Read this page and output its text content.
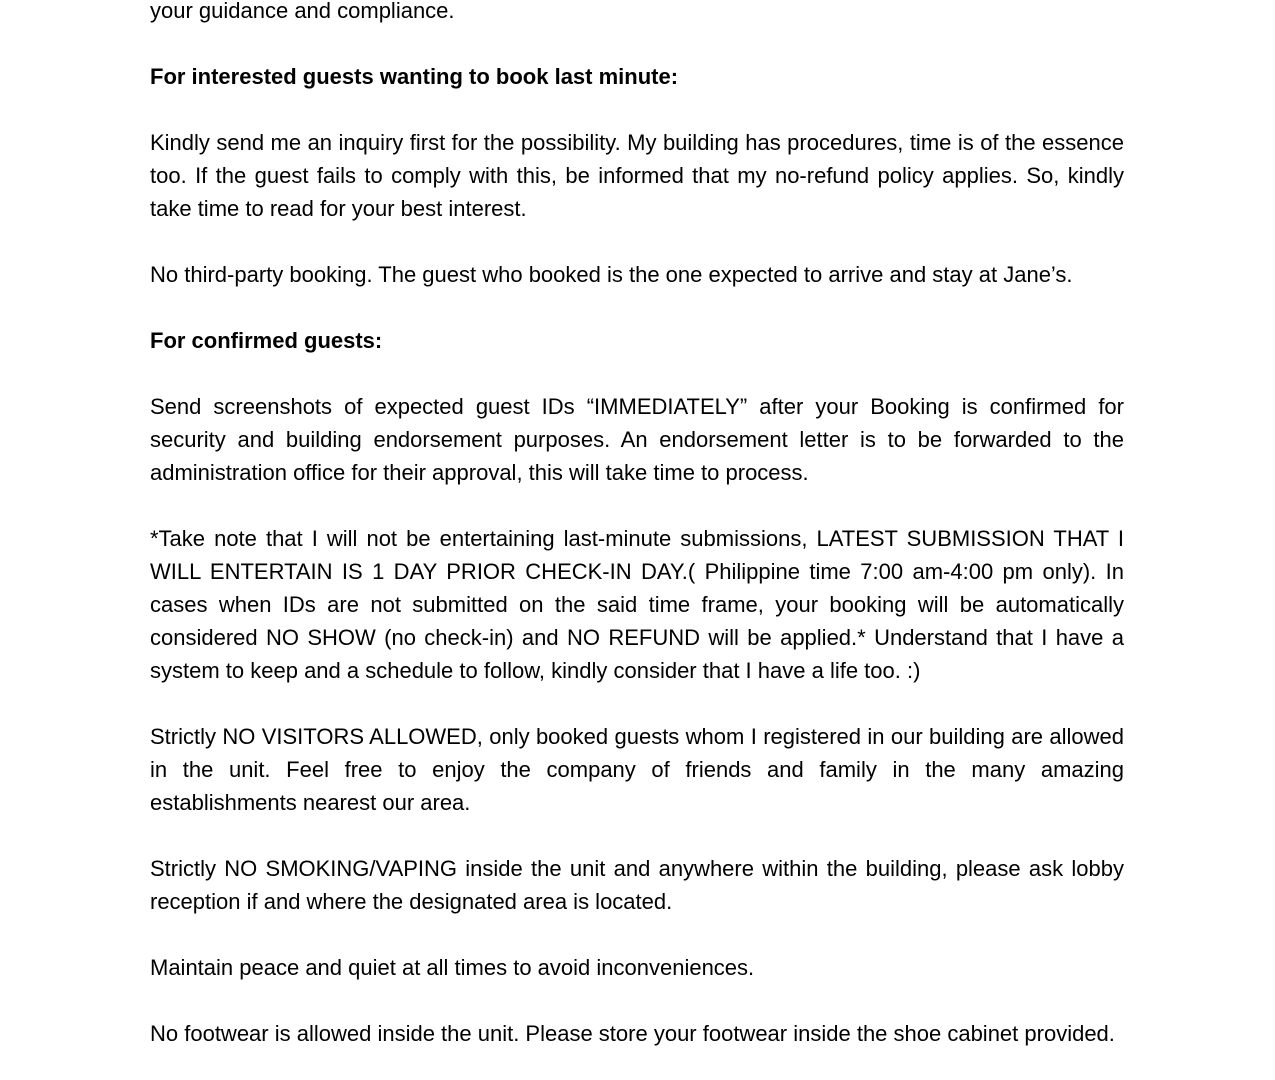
your guidance and compliance.

For interested guests wanting to book last minute:

Kindly send me an inquiry first for the possibility. My building has procedures, time is of the essence too. If the guest fails to comply with this, be informed that my no-refund policy applies. So, kindly take time to read for your best interest.

No third-party booking. The guest who booked is the one expected to arrive and stay at Jane’s.

For confirmed guests:

Send screenshots of expected guest IDs “IMMEDIATELY” after your Booking is confirmed for security and building endorsement purposes. An endorsement letter is to be forwarded to the administration office for their approval, this will take time to process.

*Take note that I will not be entertaining last-minute submissions, LATEST SUBMISSION THAT I WILL ENTERTAIN IS 1 DAY PRIOR CHECK-IN DAY.( Philippine time 7:00 am-4:00 pm only). In cases when IDs are not submitted on the said time frame, your booking will be automatically considered NO SHOW (no check-in) and NO REFUND will be applied.* Understand that I have a system to keep and a schedule to follow, kindly consider that I have a life too. :)

Strictly NO VISITORS ALLOWED, only booked guests whom I registered in our building are allowed in the unit. Feel free to enjoy the company of friends and family in the many amazing establishments nearest our area.

Strictly NO SMOKING/VAPING inside the unit and anywhere within the building, please ask lobby reception if and where the designated area is located.

Maintain peace and quiet at all times to avoid inconveniences.

No footwear is allowed inside the unit. Please store your footwear inside the shoe cabinet provided.
